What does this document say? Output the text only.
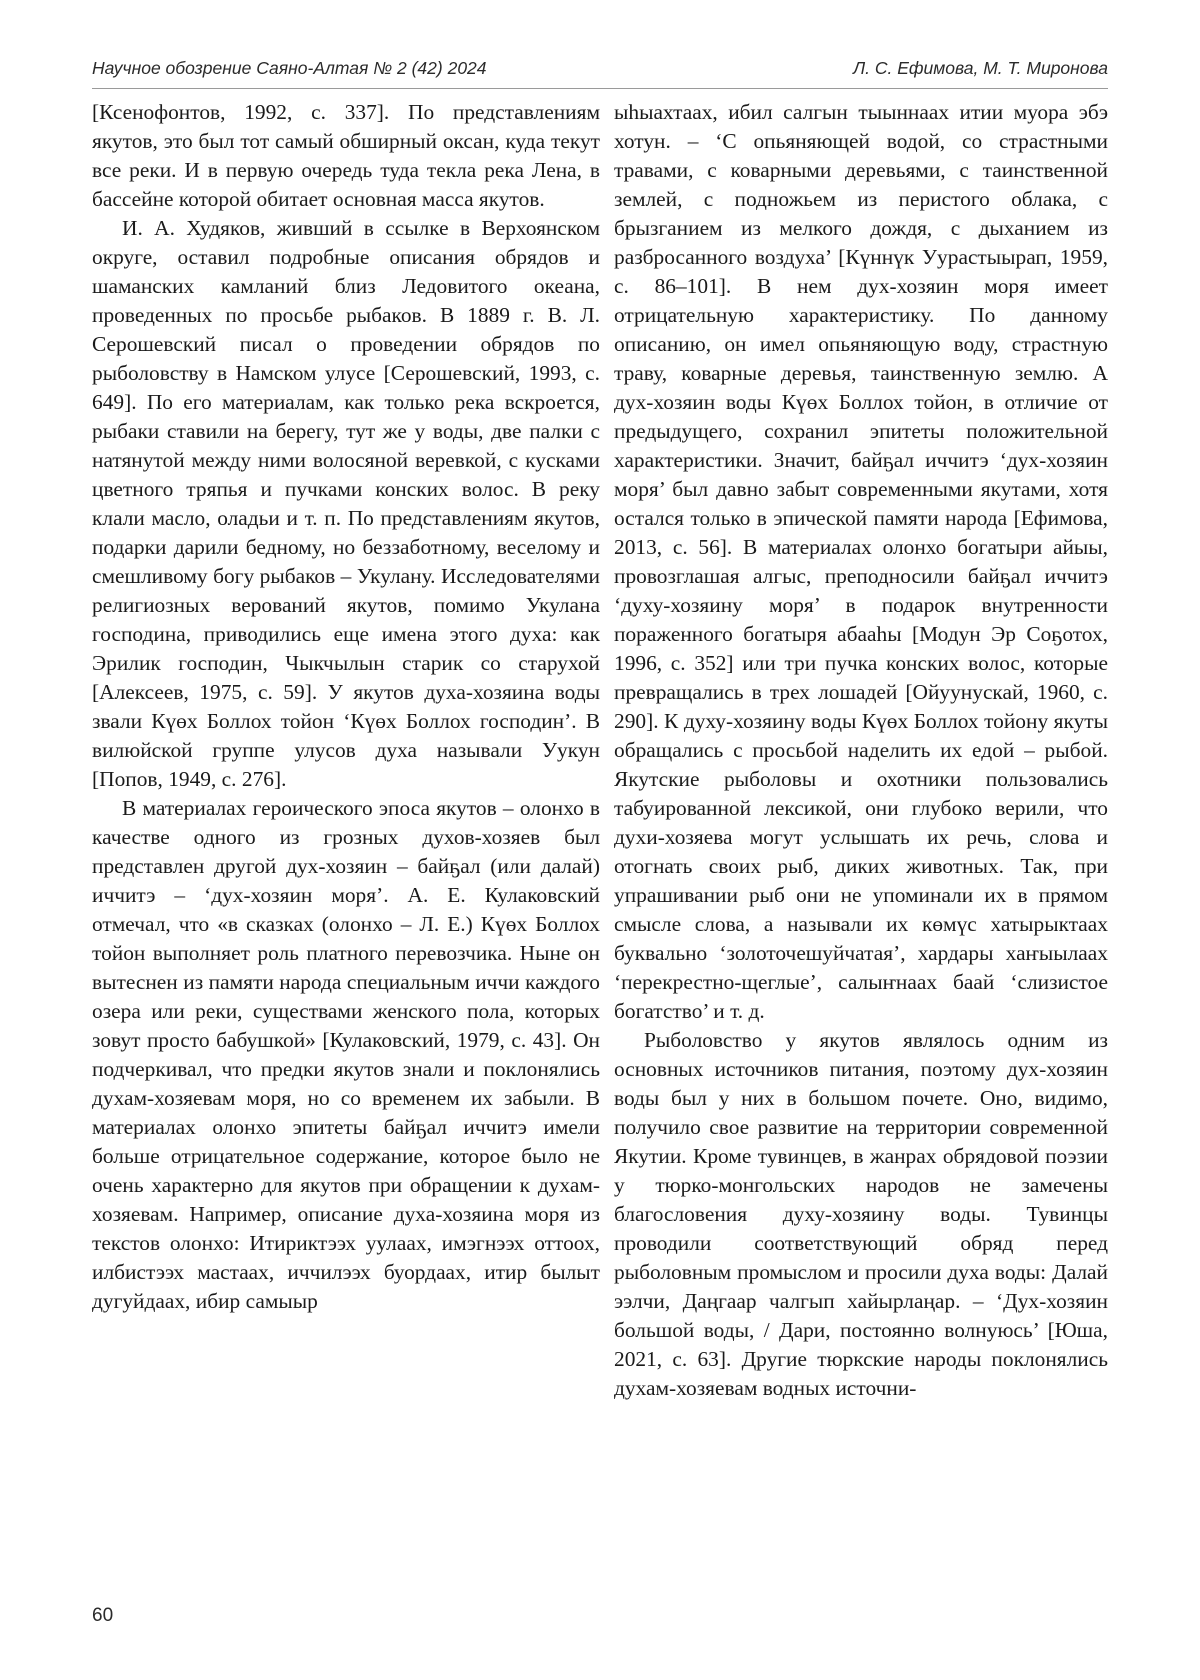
Научное обозрение Саяно-Алтая № 2 (42) 2024	Л. С. Ефимова, М. Т. Миронова

[Ксенофонтов, 1992, с. 337]. По представлениям якутов, это был тот самый обширный оксан, куда текут все реки. И в первую очередь туда текла река Лена, в бассейне которой обитает основная масса якутов.

И. А. Худяков, живший в ссылке в Верхоянском округе, оставил подробные описания обрядов и шаманских камланий близ Ледовитого океана, проведенных по просьбе рыбаков. В 1889 г. В. Л. Серошевский писал о проведении обрядов по рыболовству в Намском улусе [Серошевский, 1993, с. 649]. По его материалам, как только река вскроется, рыбаки ставили на берегу, тут же у воды, две палки с натянутой между ними волосяной веревкой, с кусками цветного тряпья и пучками конских волос. В реку клали масло, оладьи и т. п. По представлениям якутов, подарки дарили бедному, но беззаботному, веселому и смешливому богу рыбаков – Укулану. Исследователями религиозных верований якутов, помимо Укулана господина, приводились еще имена этого духа: как Эрилик господин, Чыкчылын старик со старухой [Алексеев, 1975, с. 59]. У якутов духа-хозяина воды звали Күөх Боллох тойон ‘Күөх Боллох господин’. В вилюйской группе улусов духа называли Уукун [Попов, 1949, с. 276].

В материалах героического эпоса якутов – олонхо в качестве одного из грозных духов-хозяев был представлен другой дух-хозяин – байҕал (или далай) иччитэ – ‘дух-хозяин моря’. А. Е. Кулаковский отмечал, что «в сказках (олонхо – Л. Е.) Күөх Боллох тойон выполняет роль платного перевозчика. Ныне он вытеснен из памяти народа специальным иччи каждого озера или реки, существами женского пола, которых зовут просто бабушкой» [Кулаковский, 1979, с. 43]. Он подчеркивал, что предки якутов знали и поклонялись духам-хозяевам моря, но со временем их забыли. В материалах олонхо эпитеты байҕал иччитэ имели больше отрицательное содержание, которое было не очень характерно для якутов при обращении к духам-хозяевам. Например, описание духа-хозяина моря из текстов олонхо: Итириктээх уулаах, имэгнээх оттоох, илбистээх мастаах, иччилээх буордаах, итир былыт дугуйдаах, ибир самыыр

ыһыахтаах, ибил салгын тыыннаах итии муора эбэ хотун. – ‘С опьяняющей водой, со страстными травами, с коварными деревьями, с таинственной землей, с подножьем из перистого облака, с брызганием из мелкого дождя, с дыханием из разбросанного воздуха’ [Күннүк Уурастыырап, 1959, с. 86–101]. В нем дух-хозяин моря имеет отрицательную характеристику. По данному описанию, он имел опьяняющую воду, страстную траву, коварные деревья, таинственную землю. А дух-хозяин воды Күөх Боллох тойон, в отличие от предыдущего, сохранил эпитеты положительной характеристики. Значит, байҕал иччитэ ‘дух-хозяин моря’ был давно забыт современными якутами, хотя остался только в эпической памяти народа [Ефимова, 2013, с. 56]. В материалах олонхо богатыри айыы, провозглашая алгыс, преподносили байҕал иччитэ ‘духу-хозяину моря’ в подарок внутренности пораженного богатыря абааһы [Модун Эр Соҕотох, 1996, с. 352] или три пучка конских волос, которые превращались в трех лошадей [Ойуунускай, 1960, с. 290]. К духу-хозяину воды Күөх Боллох тойону якуты обращались с просьбой наделить их едой – рыбой. Якутские рыболовы и охотники пользовались табуированной лексикой, они глубоко верили, что духи-хозяева могут услышать их речь, слова и отогнать своих рыб, диких животных. Так, при упрашивании рыб они не упоминали их в прямом смысле слова, а называли их көмүс хатырыктаах буквально ‘золоточешуйчатая’, хардары хаҥыылаах ‘перекрестно-щеглые’, салыҥнаах баай ‘слизистое богатство’ и т. д.

Рыболовство у якутов являлось одним из основных источников питания, поэтому дух-хозяин воды был у них в большом почете. Оно, видимо, получило свое развитие на территории современной Якутии. Кроме тувинцев, в жанрах обрядовой поэзии у тюрко-монгольских народов не замечены благословения духу-хозяину воды. Тувинцы проводили соответствующий обряд перед рыболовным промыслом и просили духа воды: Далай ээлчи, Даңгаар чалгып хайырлаңар. – ‘Дух-хозяин большой воды, / Дари, постоянно волнуюсь’ [Юша, 2021, с. 63]. Другие тюркские народы поклонялись духам-хозяевам водных источни-

60
